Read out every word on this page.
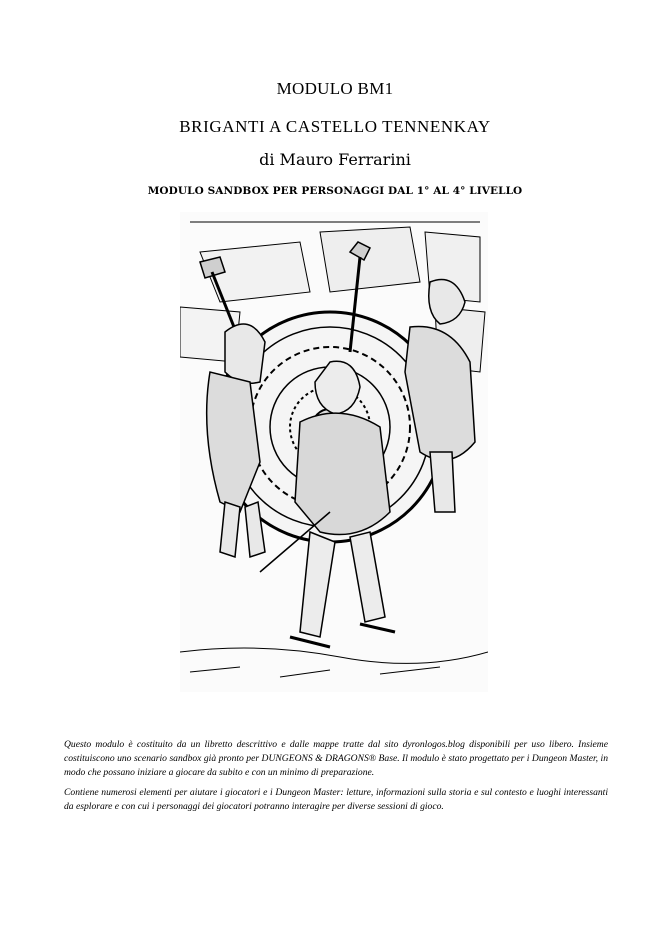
MODULO BM1
BRIGANTI A CASTELLO TENNENKAY
di Mauro Ferrarini
MODULO SANDBOX PER PERSONAGGI DAL 1° AL 4° LIVELLO
Questo modulo è costituito da un libretto descrittivo e dalle mappe tratte dal sito dyronlogos.blog disponibili per uso libero. Insieme costituiscono uno scenario sandbox già pronto per DUNGEONS & DRAGONS® Base. Il modulo è stato progettato per i Dungeon Master, in modo che possano iniziare a giocare da subito e con un minimo di preparazione.
Contiene numerosi elementi per aiutare i giocatori e i Dungeon Master: letture, informazioni sulla storia e sul contesto e luoghi interessanti da esplorare e con cui i personaggi dei giocatori potranno interagire per diverse sessioni di gioco.
